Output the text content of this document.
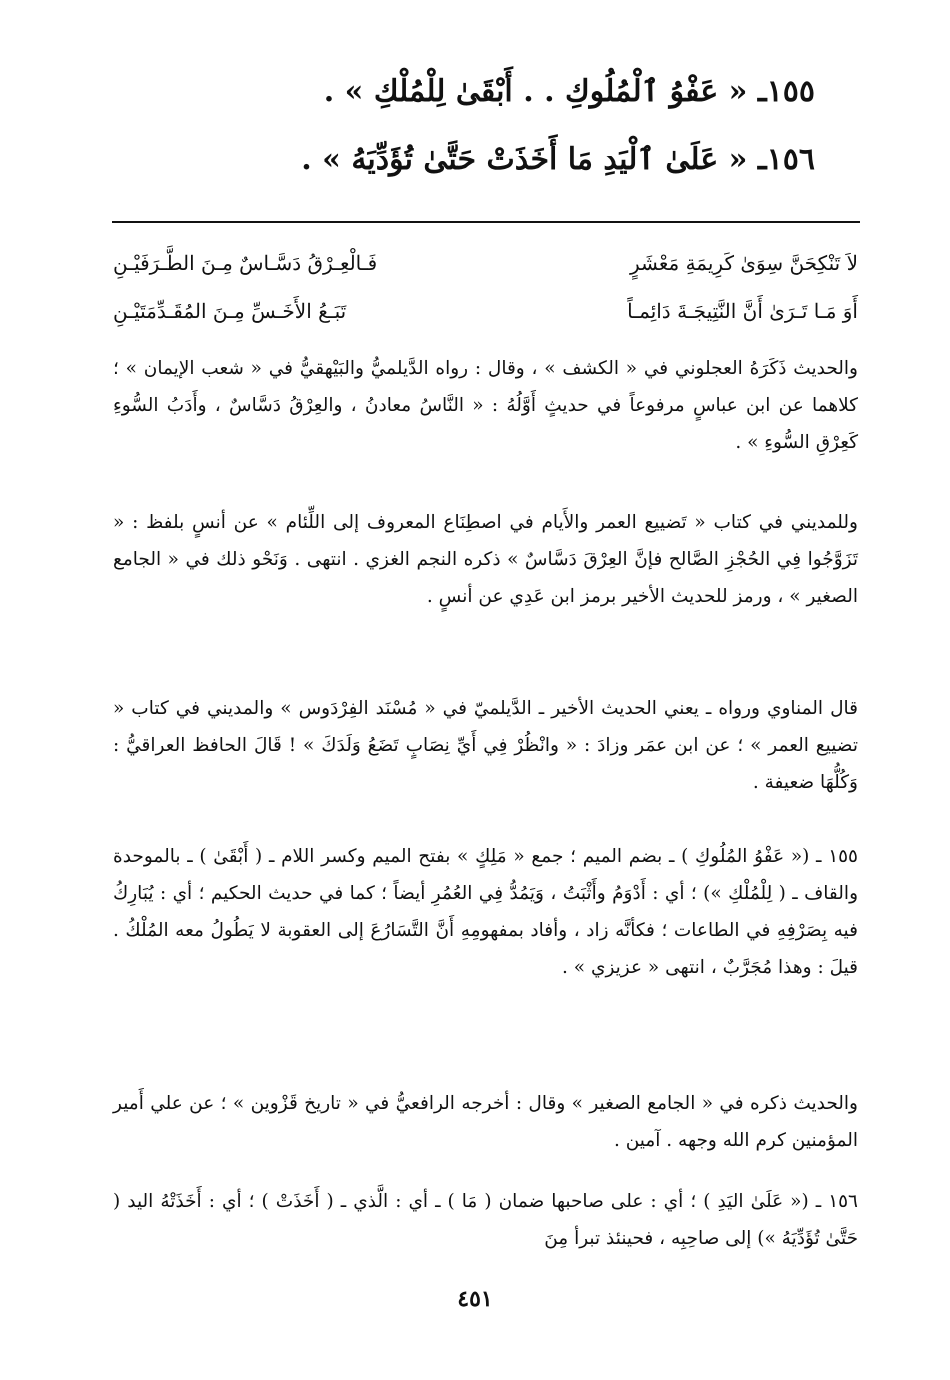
١٥٥ـ « عَفْوُ ٱلْمُلُوكِ . . أَبْقَىٰ لِلْمُلْكِ » .
١٥٦ـ « عَلَىٰ ٱلْيَدِ مَا أَخَذَتْ حَتَّىٰ تُؤَدِّيَهُ » .
لاَ تَنْكِحَنَّ سِوَىٰ كَرِيمَةِ مَعْشَرٍ
فَـالْعِـرْقُ دَسَّـاسٌ مِـنَ الطَّـرَفَيْـنِ
أَوَ مَـا تَـرَىٰ أَنَّ النَّتِيجَـةَ دَائِمـاً
تَبَـعُ الأَخَـسِّ مِـنَ المُقَـدِّمَتَيْـنِ

والحديث ذَكَرَهُ العجلوني في « الكشف » ، وقال : رواه الدَّيلميُّ والبَيْهقيُّ في « شعب الإيمان » ؛ كلاهما عن ابن عباسٍ مرفوعاً في حديثٍ أَوَّلُهُ : « النَّاسُ معادنُ ، والعِرْقُ دَسَّاسٌ ، وأَدَبُ السُّوءِ كَعِرْقِ السُّوءِ » .

وللمديني في كتاب « تَضييع العمر والأَيام في اصطِنَاع المعروف إلى اللِّئام » عن أنسٍ بلفظ : « تَزَوَّجُوا فِي الحُجْزِ الصَّالح فإنَّ العِرْقَ دَسَّاسٌ » ذكره النجم الغزي . انتهى . وَنَحْو ذلك في « الجامع الصغير » ، ورمز للحديث الأخير برمز ابن عَدِي عن أنسٍ .

قال المناوي ورواه ـ يعني الحديث الأخير ـ الدَّيلميّ في « مُسْنَد الفِرْدَوس » والمديني في كتاب « تضييع العمر » ؛ عن ابن عمَر وزادَ : « وانْظُرْ فِي أَيِّ نِصَابٍ تَضَعُ وَلَدَكَ » ! قَالَ الحافظ العراقيُّ : وَكُلُّهَا ضعيفة .

١٥٥ ـ (« عَفْوُ المُلُوكِ ) ـ بضم الميم ؛ جمع « مَلِكٍ » بفتح الميم وكسر اللام ـ ( أَبْقَىٰ ) ـ بالموحدة والقاف ـ ( لِلْمُلْكِ ») ؛ أي : أَدْوَمُ وأَثْبَتُ ، وَيَمُدُّ فِي العُمُرِ أيضاً ؛ كما في حديث الحكيم ؛ أي : يُبَارِكُ فيه بِصَرْفِهِ في الطاعات ؛ فكأنَّه زاد ، وأفاد بمفهومِهِ أَنَّ التَّسَارُعَ إلى العقوبة لا يَطُولُ معه المُلْكُ . قيلَ : وهذا مُجَرَّبٌ ، انتهى « عزيزي » .

والحديث ذكره في « الجامع الصغير » وقال : أخرجه الرافعيُّ في « تاريخ قَزْوين » ؛ عن علي أَمير المؤمنين كرم الله وجهه . آمين .

١٥٦ ـ (« عَلَىٰ اليَدِ ) ؛ أي : على صاحبها ضمان ( مَا ) ـ أي : الَّذي ـ ( أَخَذَتْ ) ؛ أي : أَخَذَتْهُ اليد ( حَتَّىٰ تُؤَدِّيَهُ ») إلى صاحِبِه ، فحينئذ تبرأ مِنَ

٤٥١
